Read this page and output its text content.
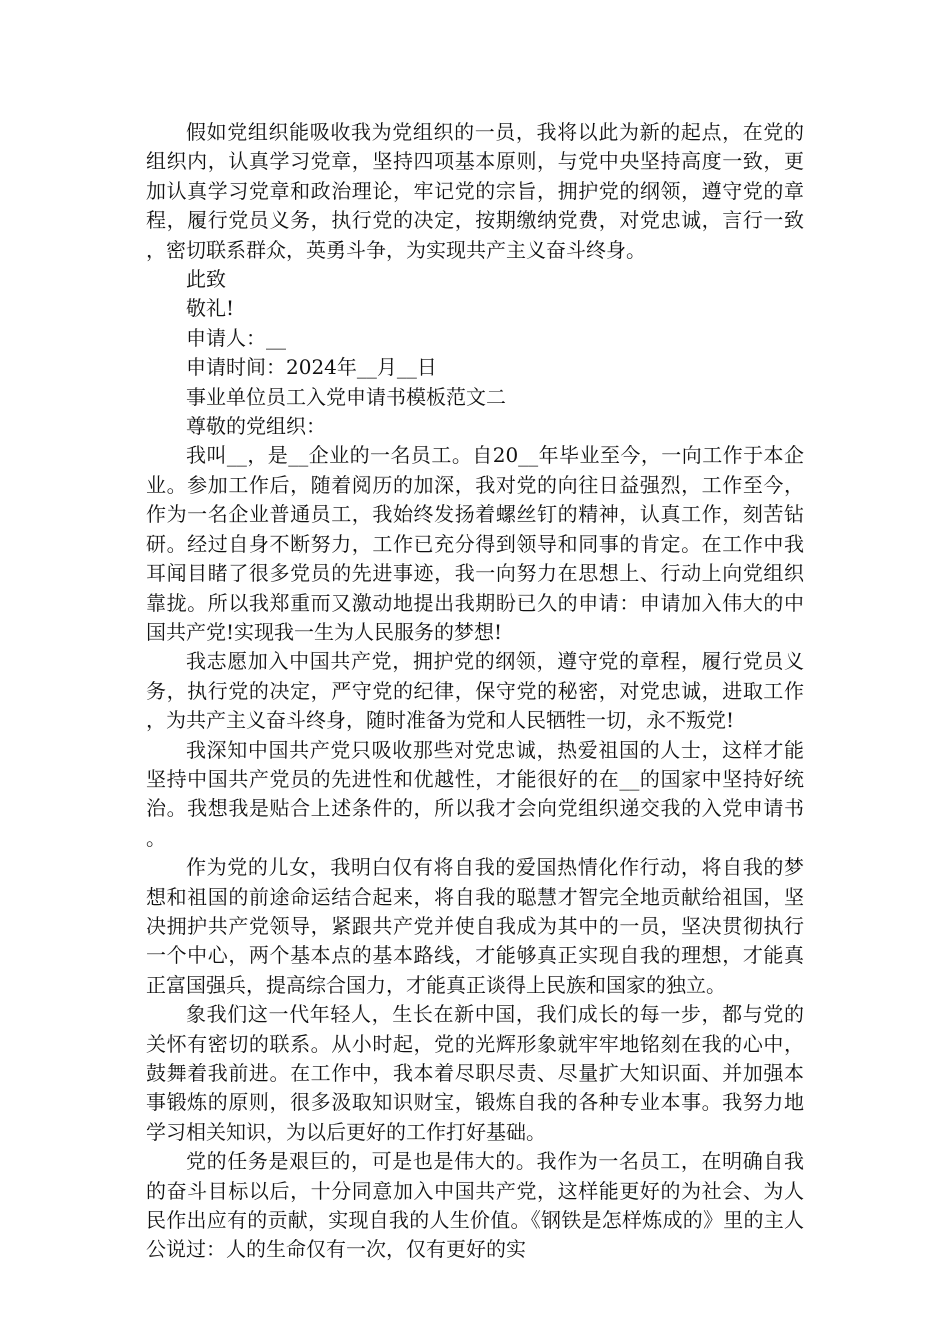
假如党组织能吸收我为党组织的一员，我将以此为新的起点，在党的组织内，认真学习党章，坚持四项基本原则，与党中央坚持高度一致，更加认真学习党章和政治理论，牢记党的宗旨，拥护党的纲领，遵守党的章程，履行党员义务，执行党的决定，按期缴纳党费，对党忠诚，言行一致，密切联系群众，英勇斗争，为实现共产主义奋斗终身。

此致

敬礼!

申请人：__

申请时间：2024年__月__日

事业单位员工入党申请书模板范文二

尊敬的党组织：

我叫__，是__企业的一名员工。自20__年毕业至今，一向工作于本企业。参加工作后，随着阅历的加深，我对党的向往日益强烈，工作至今，作为一名企业普通员工，我始终发扬着螺丝钉的精神，认真工作，刻苦钻研。经过自身不断努力，工作已充分得到领导和同事的肯定。在工作中我耳闻目睹了很多党员的先进事迹，我一向努力在思想上、行动上向党组织靠拢。所以我郑重而又激动地提出我期盼已久的申请：申请加入伟大的中国共产党!实现我一生为人民服务的梦想!

我志愿加入中国共产党，拥护党的纲领，遵守党的章程，履行党员义务，执行党的决定，严守党的纪律，保守党的秘密，对党忠诚，进取工作，为共产主义奋斗终身，随时准备为党和人民牺牲一切，永不叛党!

我深知中国共产党只吸收那些对党忠诚，热爱祖国的人士，这样才能坚持中国共产党员的先进性和优越性，才能很好的在__的国家中坚持好统治。我想我是贴合上述条件的，所以我才会向党组织递交我的入党申请书。

作为党的儿女，我明白仅有将自我的爱国热情化作行动，将自我的梦想和祖国的前途命运结合起来，将自我的聪慧才智完全地贡献给祖国，坚决拥护共产党领导，紧跟共产党并使自我成为其中的一员，坚决贯彻执行一个中心，两个基本点的基本路线，才能够真正实现自我的理想，才能真正富国强兵，提高综合国力，才能真正谈得上民族和国家的独立。

象我们这一代年轻人，生长在新中国，我们成长的每一步，都与党的关怀有密切的联系。从小时起，党的光辉形象就牢牢地铭刻在我的心中，鼓舞着我前进。在工作中，我本着尽职尽责、尽量扩大知识面、并加强本事锻炼的原则，很多汲取知识财宝，锻炼自我的各种专业本事。我努力地学习相关知识，为以后更好的工作打好基础。

党的任务是艰巨的，可是也是伟大的。我作为一名员工，在明确自我的奋斗目标以后，十分同意加入中国共产党，这样能更好的为社会、为人民作出应有的贡献，实现自我的人生价值。《钢铁是怎样炼成的》里的主人公说过：人的生命仅有一次，仅有更好的实
